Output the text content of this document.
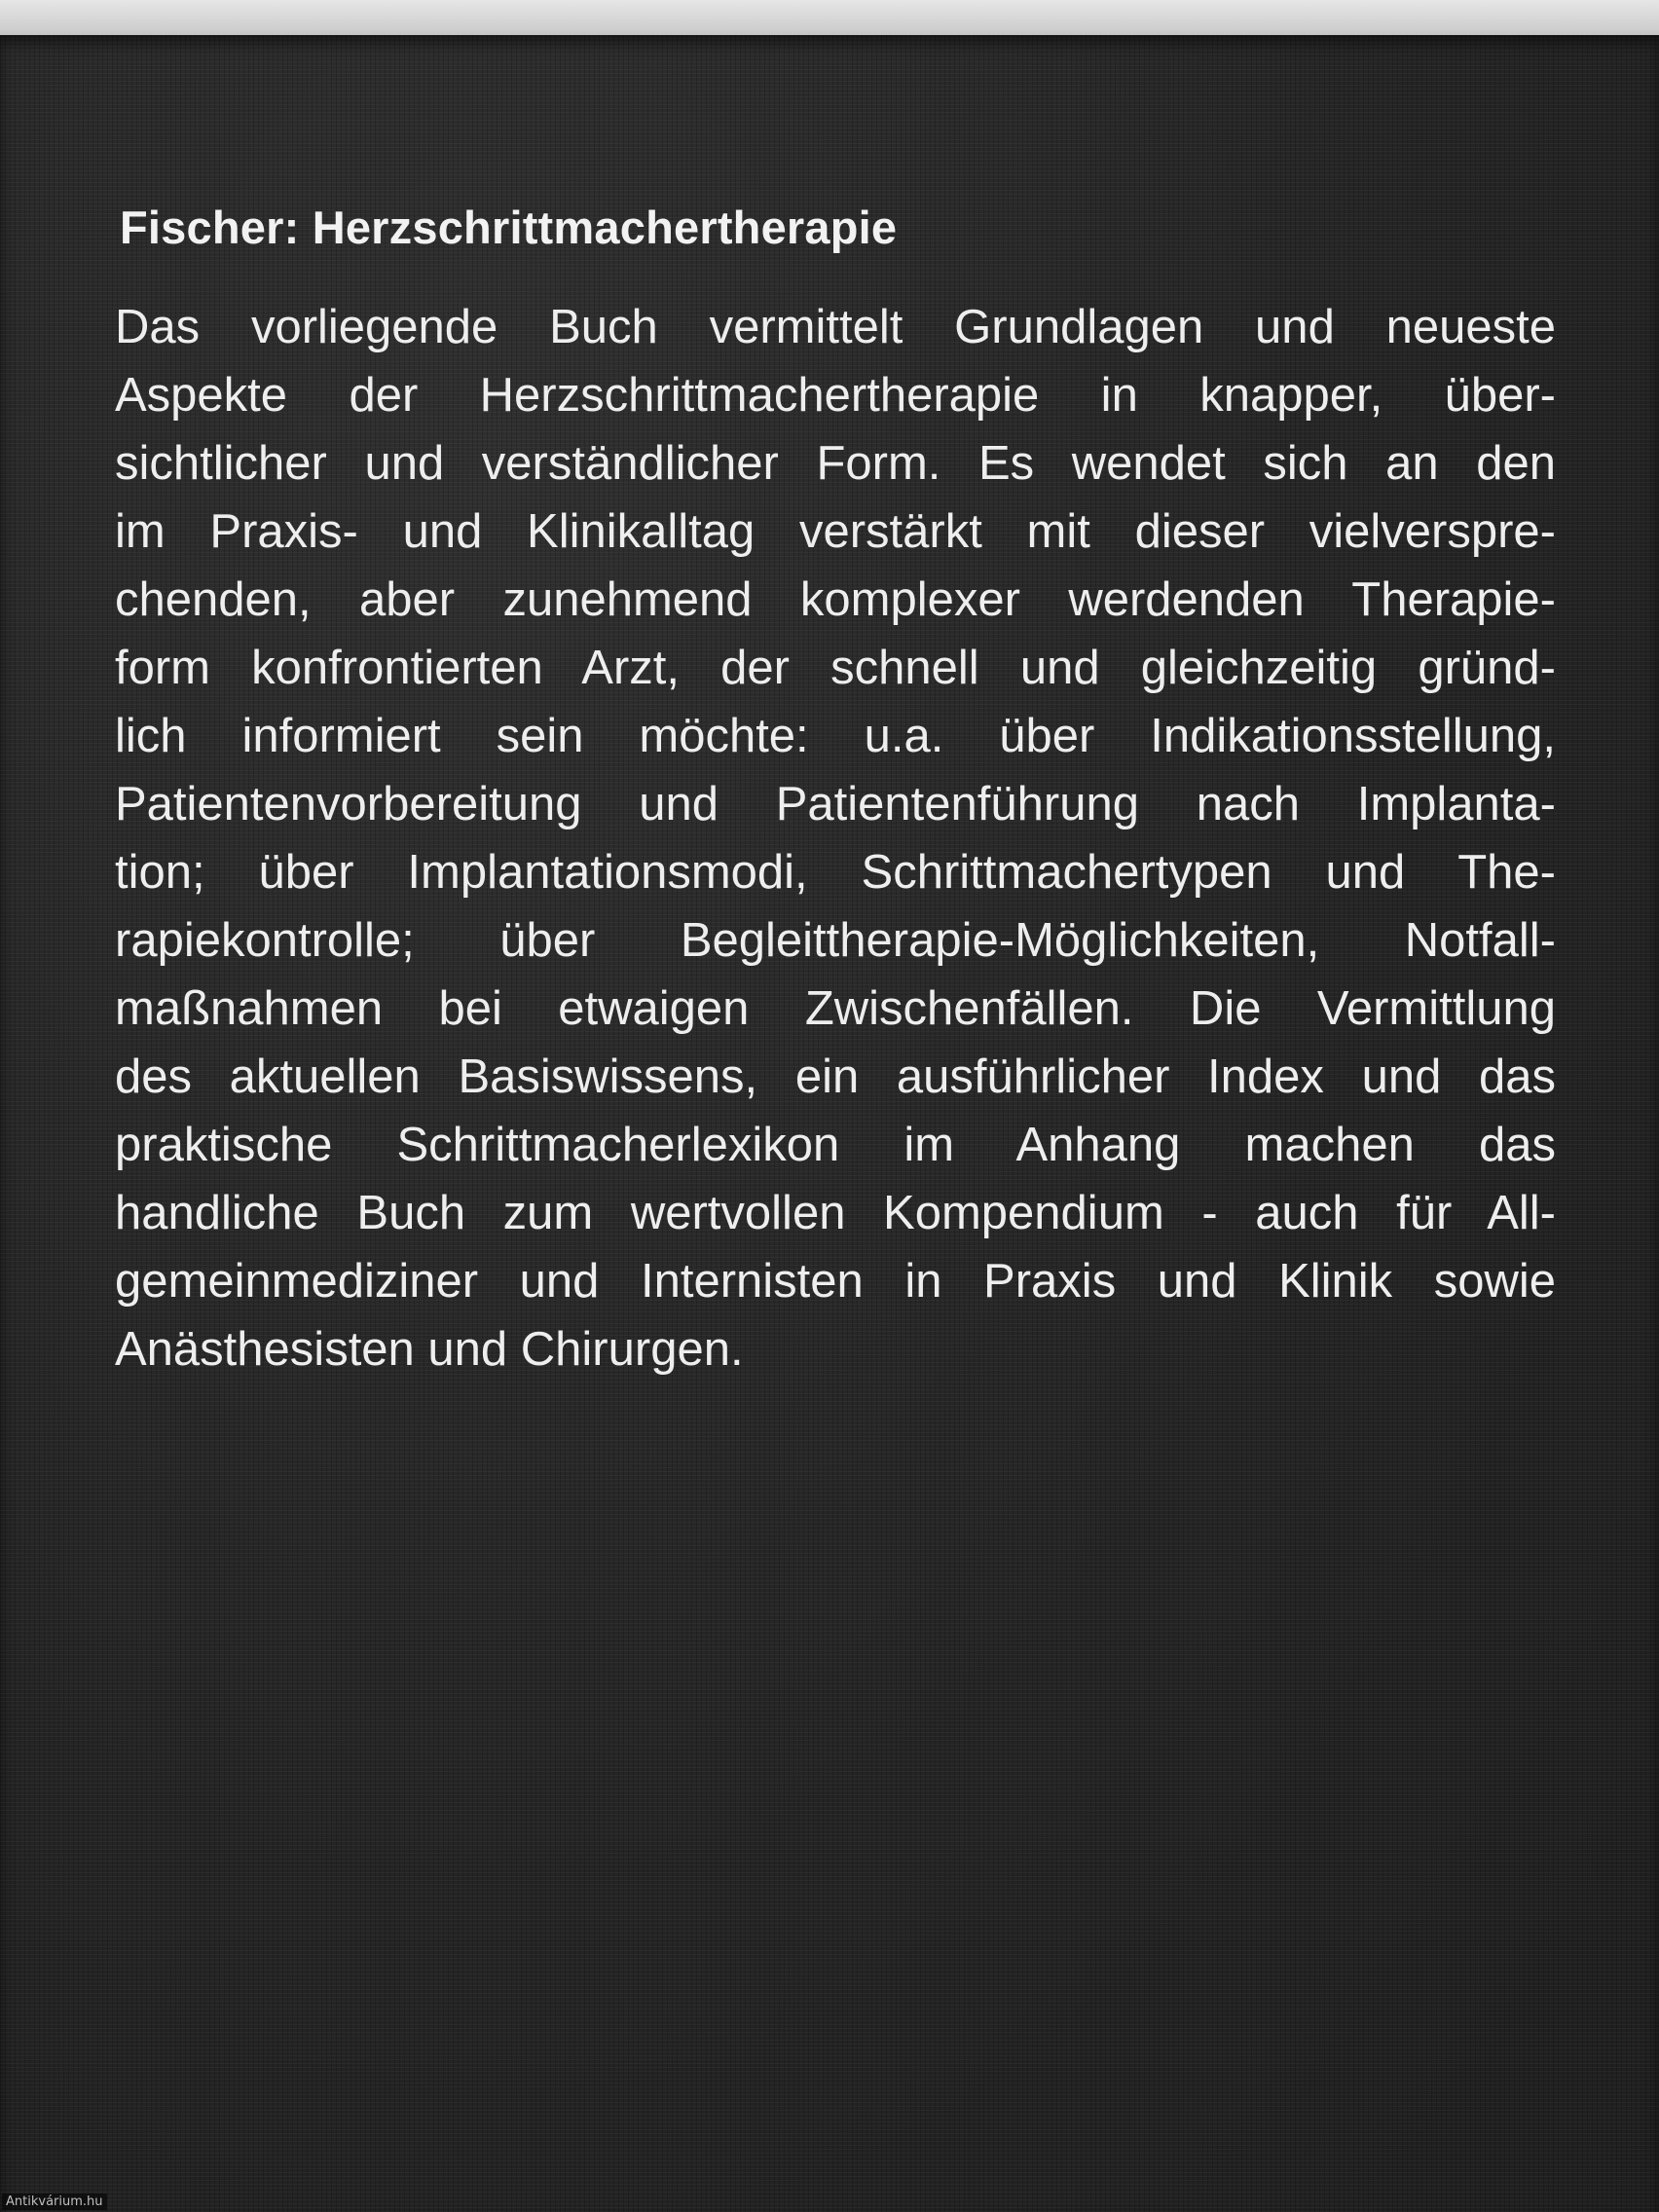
Fischer: Herzschrittmachertherapie
Das vorliegende Buch vermittelt Grundlagen und neueste
Aspekte der Herzschrittmachertherapie in knapper, über-
sichtlicher und verständlicher Form. Es wendet sich an den
im Praxis- und Klinikalltag verstärkt mit dieser vielverspre-
chenden, aber zunehmend komplexer werdenden Therapie-
form konfrontierten Arzt, der schnell und gleichzeitig gründ-
lich informiert sein möchte: u.a. über Indikationsstellung,
Patientenvorbereitung und Patientenführung nach Implanta-
tion; über Implantationsmodi, Schrittmachertypen und The-
rapiekontrolle; über Begleittherapie-Möglichkeiten, Notfall-
maßnahmen bei etwaigen Zwischenfällen. Die Vermittlung
des aktuellen Basiswissens, ein ausführlicher Index und das
praktische Schrittmacherlexikon im Anhang machen das
handliche Buch zum wertvollen Kompendium - auch für All-
gemeinmediziner und Internisten in Praxis und Klinik sowie
Anästhesisten und Chirurgen.
Antikvárium.hu
